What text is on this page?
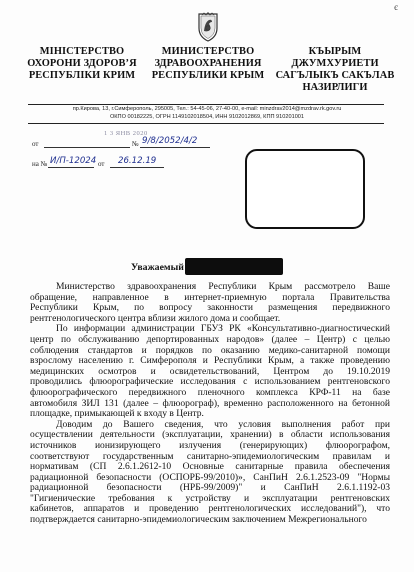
є
МІНІСТЕРСТВО
ОХОРОНИ ЗДОРОВ’Я
РЕСПУБЛІКИ КРИМ
МИНИСТЕРСТВО
ЗДРАВООХРАНЕНИЯ
РЕСПУБЛИКИ КРЫМ
КЪЫРЫМ
ДЖУМХУРИЕТИ
САГЪЛЫКЪ САКЪЛАВ
НАЗИРЛИГИ
пр.Кирова, 13, г.Симферополь, 295005, Тел.: 54-45-06, 27-40-00, e-mail: minzdrav2014@mzdrav.rk.gov.ru
ОКПО 00182225, ОГРН 1149102018504, ИНН 9102012869, КПП 910201001
1 3 ЯНВ 2020
от	№ 9/8/2052/4/2
на № И/П-12024 от 26.12.19
Уважаемый
Министерство здравоохранения Республики Крым рассмотрело Ваше
обращение, направленное в интернет-приемную портала Правительства
Республики Крым, по вопросу законности размещения передвижного
рентгенологического центра вблизи жилого дома и сообщает.
По информации администрации ГБУЗ РК «Консультативно-диагностический
центр по обслуживанию депортированных народов» (далее – Центр) с целью
соблюдения стандартов и порядков по оказанию медико-санитарной помощи
взрослому населению г. Симферополя и Республики Крым, а также проведению
медицинских осмотров и освидетельствований, Центром до 19.10.2019
проводились флюорографические исследования с использованием рентгеновского
флюорографического передвижного пленочного комплекса КРФ-11 на базе
автомобиля ЗИЛ 131 (далее – флюорограф), временно расположенного на бетонной
площадке, примыкающей к входу в Центр.
Доводим до Вашего сведения, что условия выполнения работ при
осуществлении деятельности (эксплуатации, хранении) в области использования
источников ионизирующего излучения (генерирующих) флюорографом,
соответствуют государственным санитарно-эпидемиологическим правилам и
нормативам (СП 2.6.1.2612-10 Основные санитарные правила обеспечения
радиационной безопасности (ОСПОРБ-99/2010)», СанПиН 2.6.1.2523-09 "Нормы
радиационной безопасности (НРБ-99/2009)" и СанПиН 2.6.1.1192-03
"Гигиенические требования к устройству и эксплуатации рентгеновских
кабинетов, аппаратов и проведению рентгенологических исследований"), что
подтверждается санитарно-эпидемиологическим заключением Межрегионального
